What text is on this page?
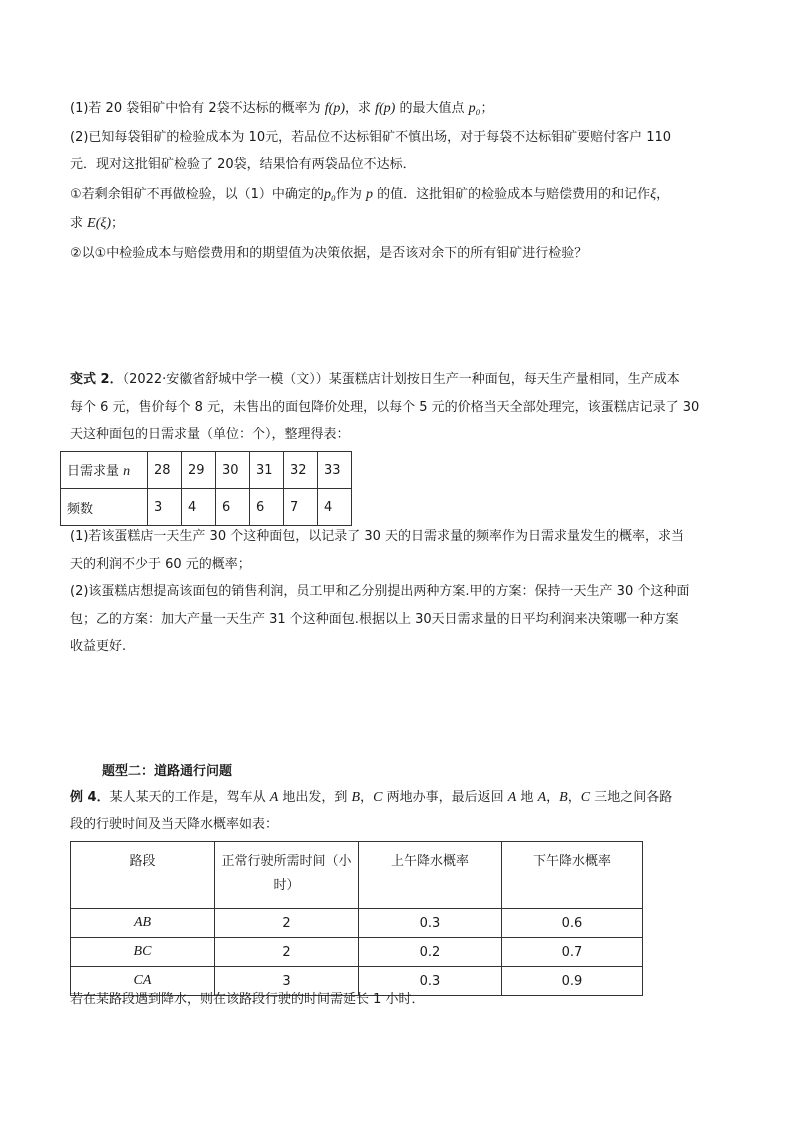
(1)若 20 袋钼矿中恰有 2袋不达标的概率为 f(p)，求 f(p) 的最大值点 p₀；
(2)已知每袋钼矿的检验成本为 10元，若品位不达标钼矿不慎出场，对于每袋不达标钼矿要赔付客户 110
元．现对这批钼矿检验了 20袋，结果恰有两袋品位不达标．
①若剩余钼矿不再做检验，以（1）中确定的p₀作为 p 的值．这批钼矿的检验成本与赔偿费用的和记作ξ，
求 E(ξ)；
②以①中检验成本与赔偿费用和的期望值为决策依据，是否该对余下的所有钼矿进行检验？
变式 2．（2022·安徽省舒城中学一模（文））某蛋糕店计划按日生产一种面包，每天生产量相同，生产成本
每个 6 元，售价每个 8 元，未售出的面包降价处理，以每个 5 元的价格当天全部处理完，该蛋糕店记录了 30
天这种面包的日需求量（单位：个），整理得表：
日需求量 n	28	29	30	31	32	33
频数	3	4	6	6	7	4
(1)若该蛋糕店一天生产 30 个这种面包，以记录了 30 天的日需求量的频率作为日需求量发生的概率，求当
天的利润不少于 60 元的概率；
(2)该蛋糕店想提高该面包的销售利润，员工甲和乙分别提出两种方案.甲的方案：保持一天生产 30 个这种面
包；乙的方案：加大产量一天生产 31 个这种面包.根据以上 30天日需求量的日平均利润来决策哪一种方案
收益更好.
题型二：道路通行问题
例 4．某人某天的工作是，驾车从 A 地出发，到 B，C 两地办事，最后返回 A 地 A，B，C 三地之间各路
段的行驶时间及当天降水概率如表：
路段	正常行驶所需时间（小
时）	上午降水概率	下午降水概率
AB	2	0.3	0.6
BC	2	0.2	0.7
CA	3	0.3	0.9
若在某路段遇到降水，则在该路段行驶的时间需延长 1 小时．
